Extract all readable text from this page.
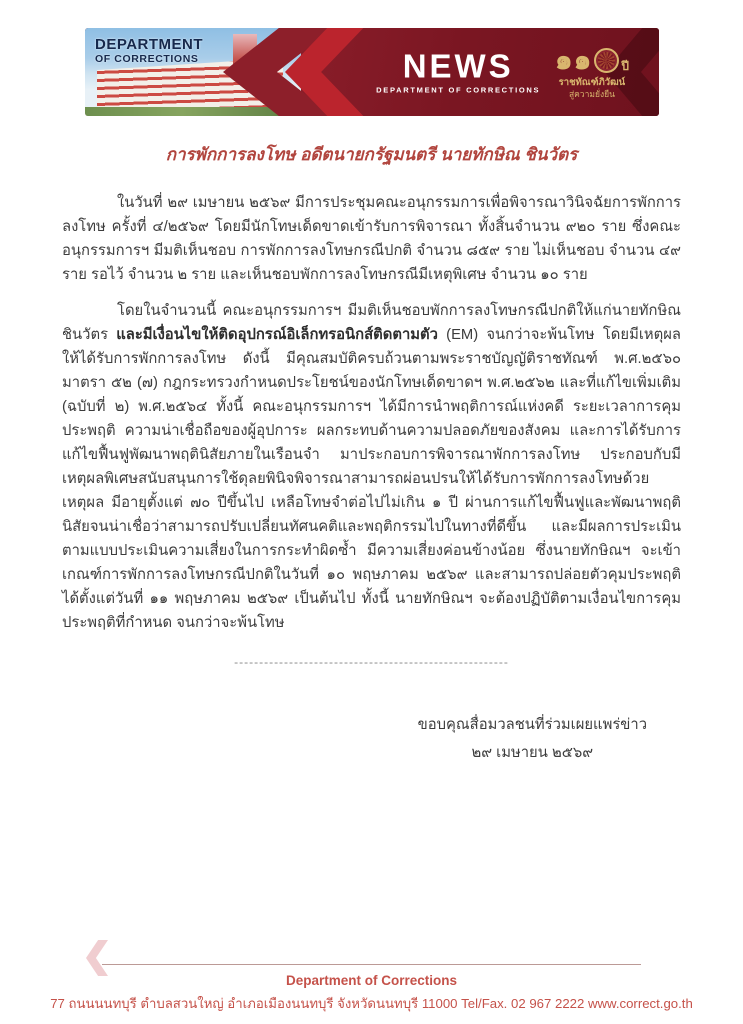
DEPARTMENT
OF CORRECTIONS	NEWS
DEPARTMENT OF CORRECTIONS
๑๑ ปี
ราชทัณฑ์ภิวัฒน์
สู่ความยั่งยืน
การพักการลงโทษ อดีตนายกรัฐมนตรี นายทักษิณ ชินวัตร

ในวันที่ ๒๙ เมษายน ๒๕๖๙ มีการประชุมคณะอนุกรรมการเพื่อพิจารณาวินิจฉัยการพักการลงโทษ ครั้งที่ ๔/๒๕๖๙ โดยมีนักโทษเด็ดขาดเข้ารับการพิจารณา ทั้งสิ้นจำนวน ๙๒๐ ราย ซึ่งคณะอนุกรรมการฯ มีมติเห็นชอบ การพักการลงโทษกรณีปกติ จำนวน ๘๕๙ ราย ไม่เห็นชอบ จำนวน ๔๙ ราย รอไว้ จำนวน ๒ ราย และเห็นชอบพักการลงโทษกรณีมีเหตุพิเศษ จำนวน ๑๐ ราย

โดยในจำนวนนี้ คณะอนุกรรมการฯ มีมติเห็นชอบพักการลงโทษกรณีปกติให้แก่นายทักษิณ ชินวัตร และมีเงื่อนไขให้ติดอุปกรณ์อิเล็กทรอนิกส์ติดตามตัว (EM) จนกว่าจะพ้นโทษ โดยมีเหตุผลให้ได้รับการพักการลงโทษ ดังนี้ มีคุณสมบัติครบถ้วนตามพระราชบัญญัติราชทัณฑ์ พ.ศ.๒๕๖๐ มาตรา ๕๒ (๗) กฎกระทรวงกำหนดประโยชน์ของนักโทษเด็ดขาดฯ พ.ศ.๒๕๖๒ และที่แก้ไขเพิ่มเติม (ฉบับที่ ๒) พ.ศ.๒๕๖๔ ทั้งนี้ คณะอนุกรรมการฯ ได้มีการนำพฤติการณ์แห่งคดี ระยะเวลาการคุมประพฤติ ความน่าเชื่อถือของผู้อุปการะ ผลกระทบด้านความปลอดภัยของสังคม และการได้รับการแก้ไขฟื้นฟูพัฒนาพฤตินิสัยภายในเรือนจำ มาประกอบการพิจารณาพักการลงโทษ ประกอบกับมีเหตุผลพิเศษสนับสนุนการใช้ดุลยพินิจพิจารณาสามารถผ่อนปรนให้ได้รับการพักการลงโทษด้วยเหตุผล มีอายุตั้งแต่ ๗๐ ปีขึ้นไป เหลือโทษจำต่อไปไม่เกิน ๑ ปี ผ่านการแก้ไขฟื้นฟูและพัฒนาพฤตินิสัยจนน่าเชื่อว่าสามารถปรับเปลี่ยนทัศนคติและพฤติกรรมไปในทางที่ดีขึ้น และมีผลการประเมินตามแบบประเมินความเสี่ยงในการกระทำผิดซ้ำ มีความเสี่ยงค่อนข้างน้อย ซึ่งนายทักษิณฯ จะเข้าเกณฑ์การพักการลงโทษกรณีปกติในวันที่ ๑๐ พฤษภาคม ๒๕๖๙ และสามารถปล่อยตัวคุมประพฤติได้ตั้งแต่วันที่ ๑๑ พฤษภาคม ๒๕๖๙ เป็นต้นไป ทั้งนี้ นายทักษิณฯ จะต้องปฏิบัติตามเงื่อนไขการคุมประพฤติที่กำหนด จนกว่าจะพ้นโทษ

-------------------------------------------------------
ขอบคุณสื่อมวลชนที่ร่วมเผยแพร่ข่าว
๒๙ เมษายน ๒๕๖๙
Department of Corrections
77 ถนนนนทบุรี ตำบลสวนใหญ่ อำเภอเมืองนนทบุรี จังหวัดนนทบุรี 11000 Tel/Fax. 02 967 2222 www.correct.go.th
